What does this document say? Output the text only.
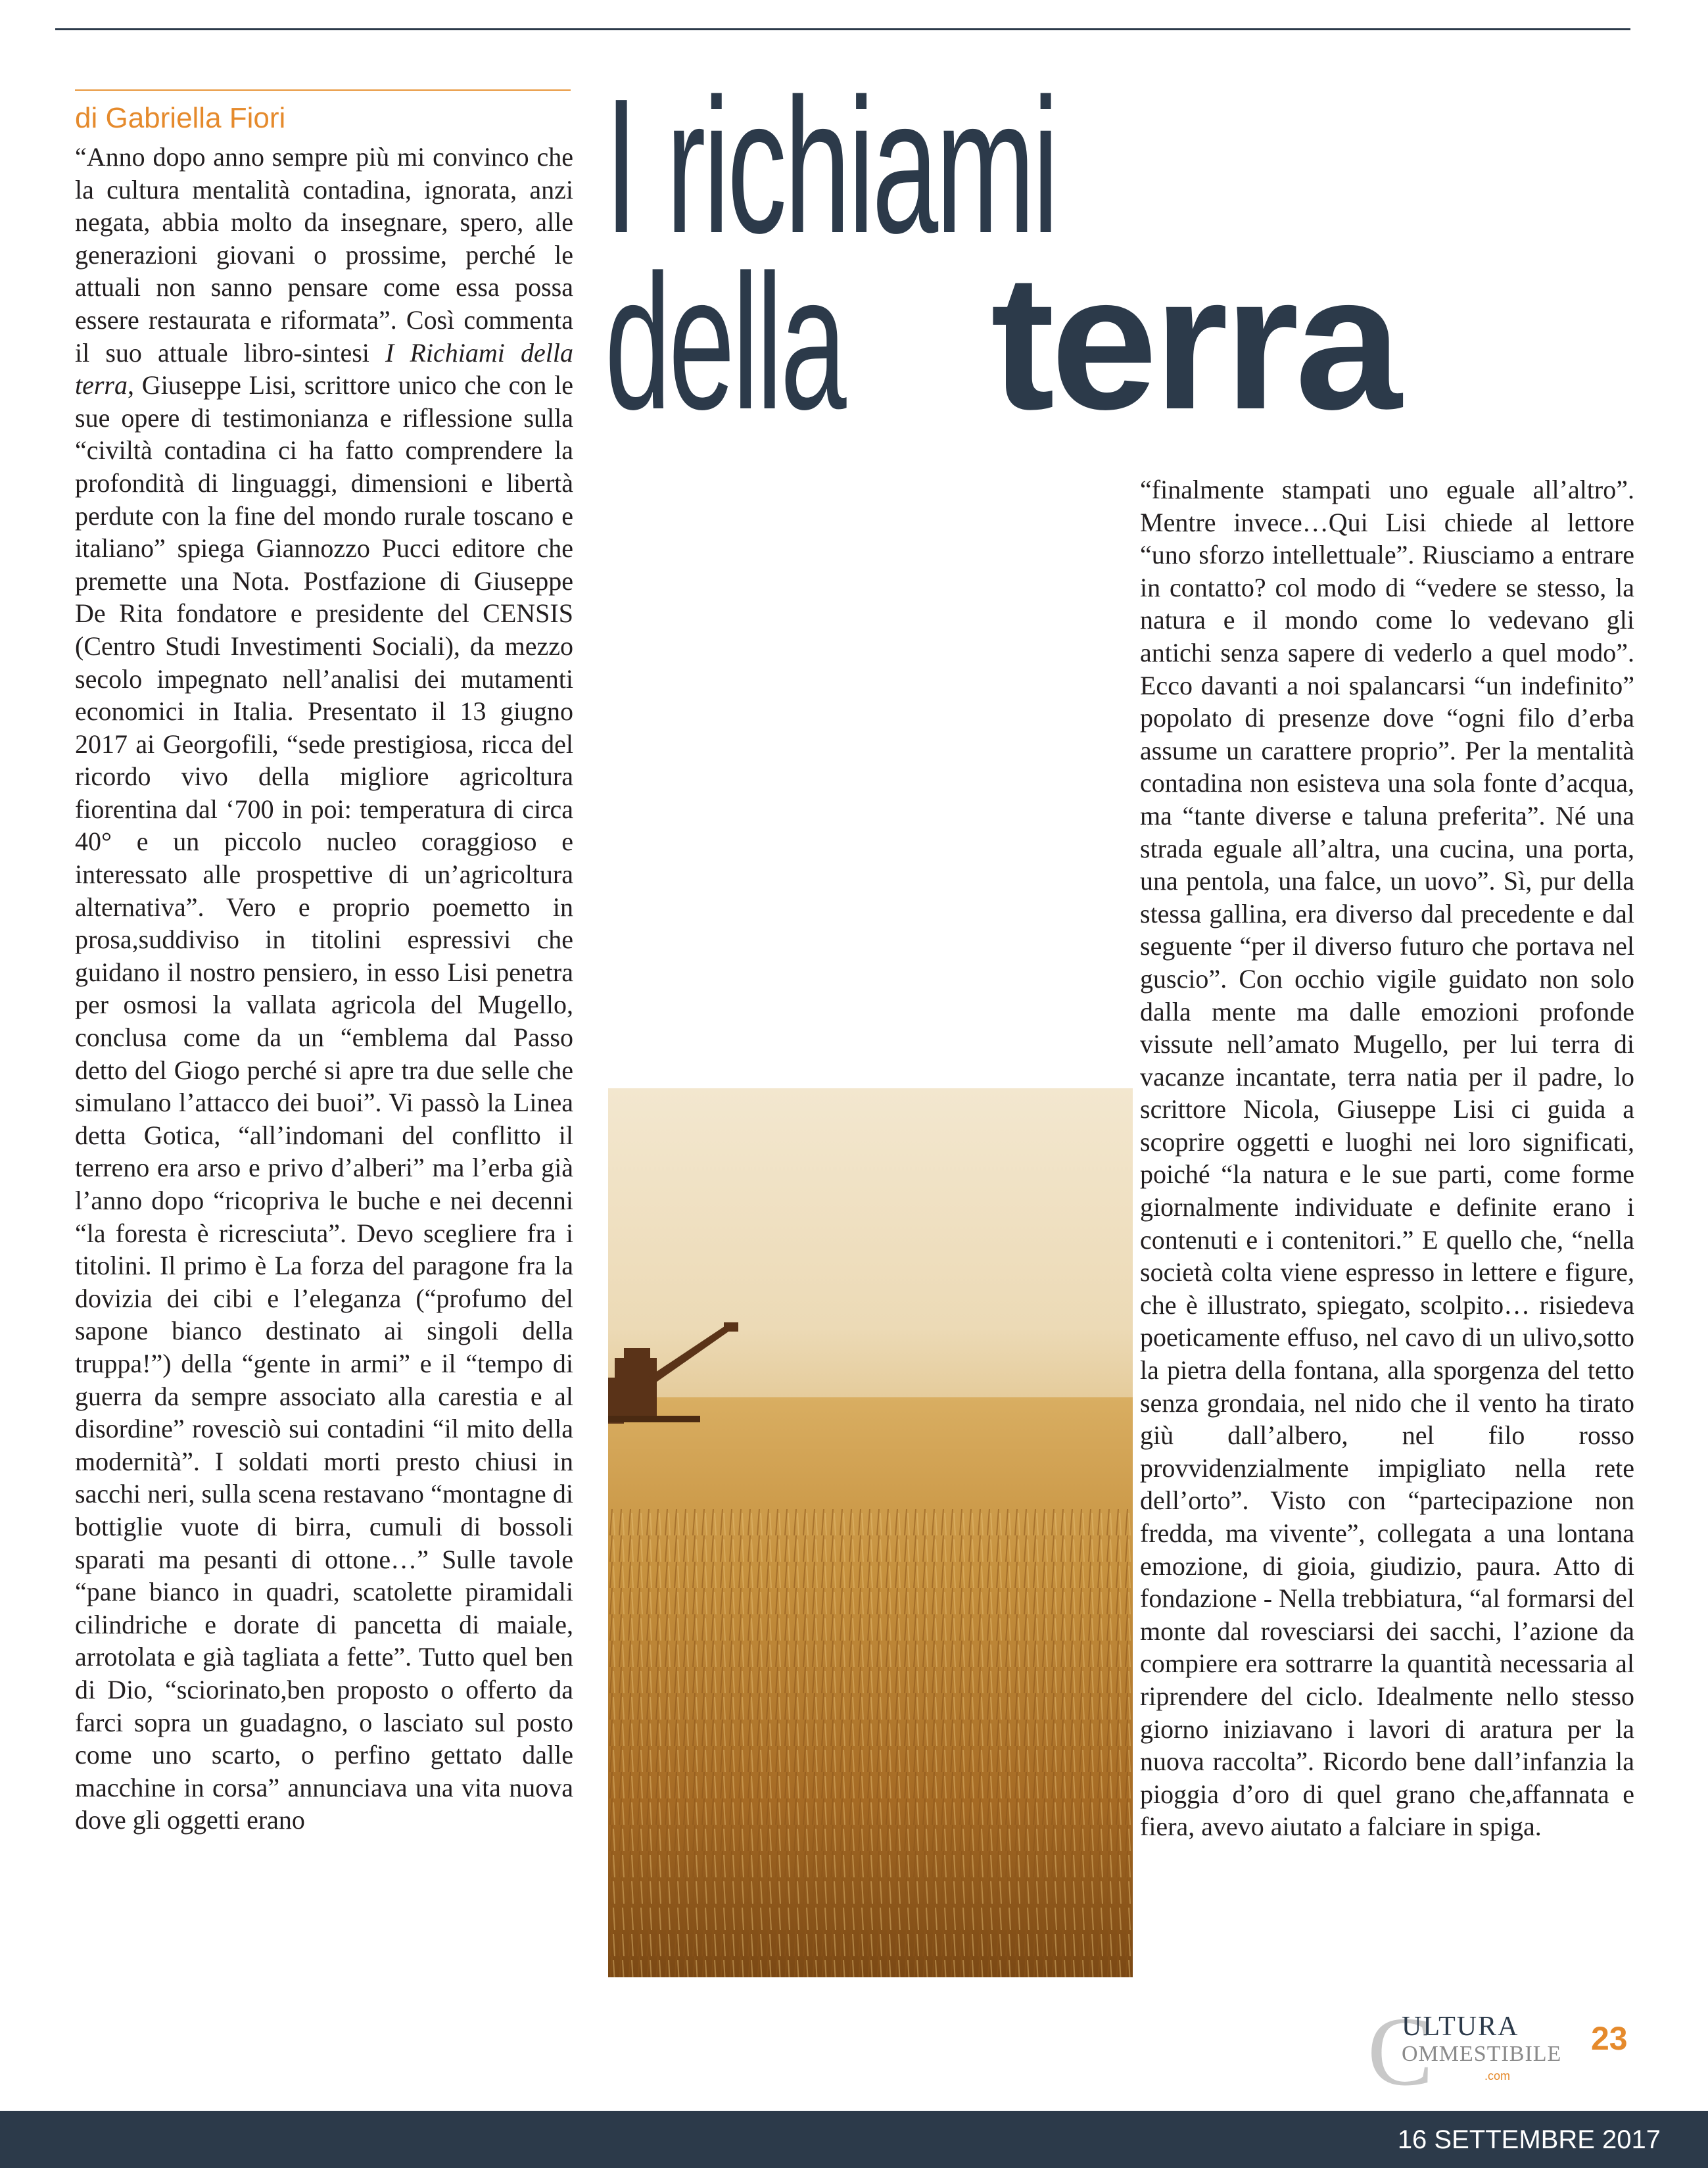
di Gabriella Fiori

“Anno dopo anno sempre più mi convinco che la cultura mentalità contadina, ignorata, anzi negata, abbia molto da insegnare, spero, alle generazioni giovani o prossime, perché le attuali non sanno pensare come essa possa essere restaurata e riformata”. Così commenta il suo attuale libro-sintesi I Richiami della terra, Giuseppe Lisi, scrittore unico che con le sue opere di testimonianza e riflessione sulla “civiltà contadina ci ha fatto comprendere la profondità di linguaggi, dimensioni e libertà perdute con la fine del mondo rurale toscano e italiano” spiega Giannozzo Pucci editore che premette una Nota. Postfazione di Giuseppe De Rita fondatore e presidente del CENSIS (Centro Studi Investimenti Sociali), da mezzo secolo impegnato nell’analisi dei mutamenti economici in Italia. Presentato il 13 giugno 2017 ai Georgofili, “sede prestigiosa, ricca del ricordo vivo della migliore agricoltura fiorentina dal ‘700 in poi: temperatura di circa 40° e un piccolo nucleo coraggioso e interessato alle prospettive di un’agricoltura alternativa”. Vero e proprio poemetto in prosa,suddiviso in titolini espressivi che guidano il nostro pensiero, in esso Lisi penetra per osmosi la vallata agricola del Mugello, conclusa come da un “emblema dal Passo detto del Giogo perché si apre tra due selle che simulano l’attacco dei buoi”. Vi passò la Linea detta Gotica, “all’indomani del conflitto il terreno era arso e privo d’alberi” ma l’erba già l’anno dopo “ricopriva le buche e nei decenni “la foresta è ricresciuta”. Devo scegliere fra i titolini. Il primo è La forza del paragone fra la dovizia dei cibi e l’eleganza (“profumo del sapone bianco destinato ai singoli della truppa!”) della “gente in armi” e il “tempo di guerra da sempre associato alla carestia e al disordine” rovesciò sui contadini “il mito della modernità”. I soldati morti presto chiusi in sacchi neri, sulla scena restavano “montagne di bottiglie vuote di birra, cumuli di bossoli sparati ma pesanti di ottone…” Sulle tavole “pane bianco in quadri, scatolette piramidali cilindriche e dorate di pancetta di maiale, arrotolata e già tagliata a fette”. Tutto quel ben di Dio, “sciorinato,ben proposto o offerto da farci sopra un guadagno, o lasciato sul posto come uno scarto, o perfino gettato dalle macchine in corsa” annunciava una vita nuova dove gli oggetti erano

I richiami
dellaterra

“finalmente stampati uno eguale all’altro”. Mentre invece…Qui Lisi chiede al lettore “uno sforzo intellettuale”. Riusciamo a entrare in contatto? col modo di “vedere se stesso, la natura e il mondo come lo vedevano gli antichi senza sapere di vederlo a quel modo”. Ecco davanti a noi spalancarsi “un indefinito” popolato di presenze dove “ogni filo d’erba assume un carattere proprio”. Per la mentalità contadina non esisteva una sola fonte d’acqua, ma “tante diverse e taluna preferita”. Né una strada eguale all’altra, una cucina, una porta, una pentola, una falce, un uovo”. Sì, pur della stessa gallina, era diverso dal precedente e dal seguente “per il diverso futuro che portava nel guscio”. Con occhio vigile guidato non solo dalla mente ma dalle emozioni profonde vissute nell’amato Mugello, per lui terra di vacanze incantate, terra natia per il padre, lo scrittore Nicola, Giuseppe Lisi ci guida a scoprire oggetti e luoghi nei loro significati, poiché “la natura e le sue parti, come forme giornalmente individuate e definite erano i contenuti e i contenitori.” E quello che, “nella società colta viene espresso in lettere e figure, che è illustrato, spiegato, scolpito… risiedeva poeticamente effuso, nel cavo di un ulivo,sotto la pietra della fontana, alla sporgenza del tetto senza grondaia, nel nido che il vento ha tirato giù dall’albero, nel filo rosso provvidenzialmente impigliato nella rete dell’orto”. Visto con “partecipazione non fredda, ma vivente”, collegata a una lontana emozione, di gioia, giudizio, paura. Atto di fondazione - Nella trebbiatura, “al formarsi del monte dal rovesciarsi dei sacchi, l’azione da compiere era sottrarre la quantità necessaria al riprendere del ciclo. Idealmente nello stesso giorno iniziavano i lavori di aratura per la nuova raccolta”. Ricordo bene dall’infanzia la pioggia d’oro di quel grano che,affannata e fiera, avevo aiutato a falciare in spiga.

C
ULTURA
OMMESTIBILE
.com
23
16 SETTEMBRE 2017
